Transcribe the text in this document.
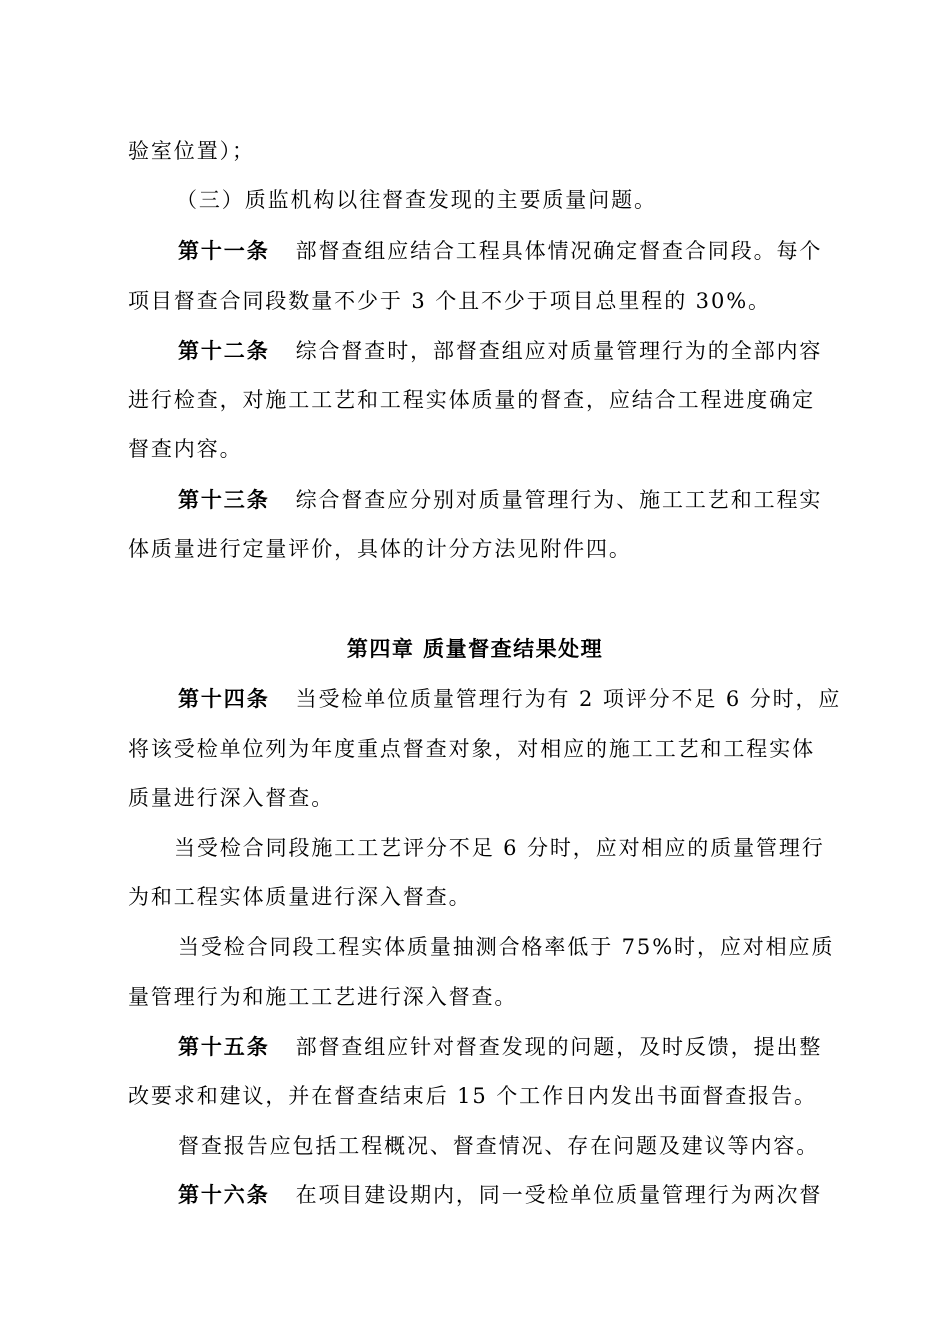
验室位置）；
（三）质监机构以往督查发现的主要质量问题。
第十一条 部督查组应结合工程具体情况确定督查合同段。每个
项目督查合同段数量不少于 3 个且不少于项目总里程的 30%。
第十二条 综合督查时，部督查组应对质量管理行为的全部内容
进行检查，对施工工艺和工程实体质量的督查，应结合工程进度确定
督查内容。
第十三条 综合督查应分别对质量管理行为、施工工艺和工程实
体质量进行定量评价，具体的计分方法见附件四。
第四章 质量督查结果处理
第十四条 当受检单位质量管理行为有 2 项评分不足 6 分时，应
将该受检单位列为年度重点督查对象，对相应的施工工艺和工程实体
质量进行深入督查。
当受检合同段施工工艺评分不足 6 分时，应对相应的质量管理行
为和工程实体质量进行深入督查。
当受检合同段工程实体质量抽测合格率低于 75%时，应对相应质
量管理行为和施工工艺进行深入督查。
第十五条 部督查组应针对督查发现的问题，及时反馈，提出整
改要求和建议，并在督查结束后 15 个工作日内发出书面督查报告。
督查报告应包括工程概况、督查情况、存在问题及建议等内容。
第十六条 在项目建设期内，同一受检单位质量管理行为两次督
